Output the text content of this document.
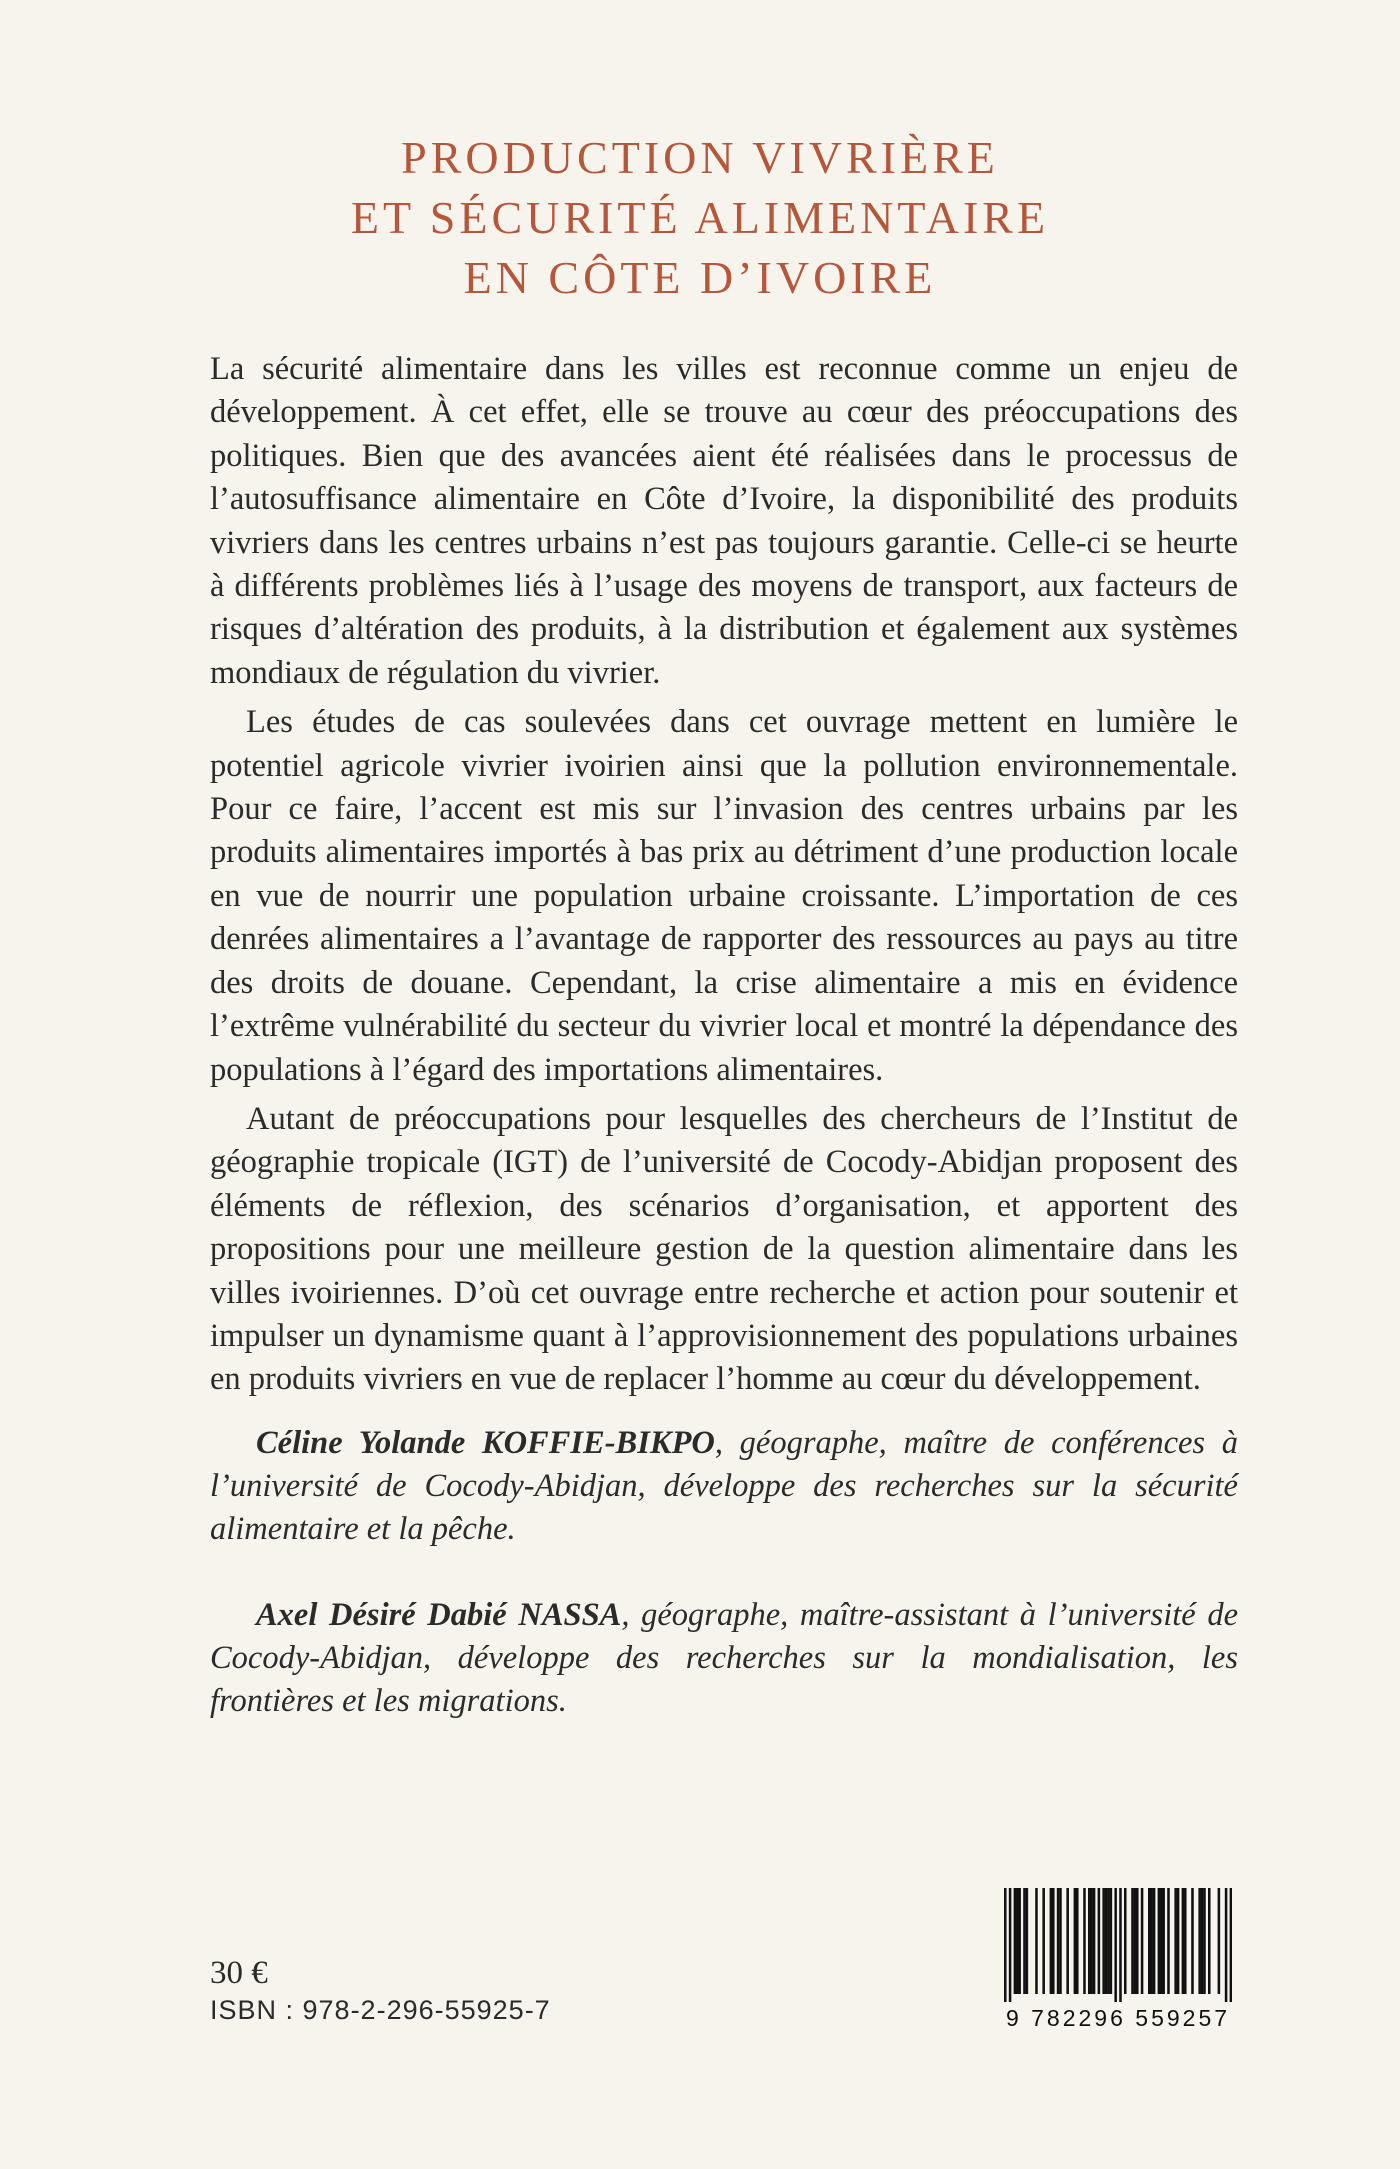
PRODUCTION VIVRIÈRE
ET SÉCURITÉ ALIMENTAIRE
EN CÔTE D’IVOIRE

La sécurité alimentaire dans les villes est reconnue comme un enjeu de développement. À cet effet, elle se trouve au cœur des préoccupations des politiques. Bien que des avancées aient été réalisées dans le processus de l’autosuffisance alimentaire en Côte d’Ivoire, la disponibilité des produits vivriers dans les centres urbains n’est pas toujours garantie. Celle-ci se heurte à différents problèmes liés à l’usage des moyens de transport, aux facteurs de risques d’altération des produits, à la distribution et également aux systèmes mondiaux de régulation du vivrier.

Les études de cas soulevées dans cet ouvrage mettent en lumière le potentiel agricole vivrier ivoirien ainsi que la pollution environnementale. Pour ce faire, l’accent est mis sur l’invasion des centres urbains par les produits alimentaires importés à bas prix au détriment d’une production locale en vue de nourrir une population urbaine croissante. L’importation de ces denrées alimentaires a l’avantage de rapporter des ressources au pays au titre des droits de douane. Cependant, la crise alimentaire a mis en évidence l’extrême vulnérabilité du secteur du vivrier local et montré la dépendance des populations à l’égard des importations alimentaires.

Autant de préoccupations pour lesquelles des chercheurs de l’Institut de géographie tropicale (IGT) de l’université de Cocody-Abidjan proposent des éléments de réflexion, des scénarios d’organisation, et apportent des propositions pour une meilleure gestion de la question alimentaire dans les villes ivoiriennes. D’où cet ouvrage entre recherche et action pour soutenir et impulser un dynamisme quant à l’approvisionnement des populations urbaines en produits vivriers en vue de replacer l’homme au cœur du développement.

Céline Yolande KOFFIE-BIKPO, géographe, maître de conférences à l’université de Cocody-Abidjan, développe des recherches sur la sécurité alimentaire et la pêche.
Axel Désiré Dabié NASSA, géographe, maître-assistant à l’université de Cocody-Abidjan, développe des recherches sur la mondialisation, les frontières et les migrations.
30 €
ISBN : 978-2-296-55925-7	9 782296 559257
